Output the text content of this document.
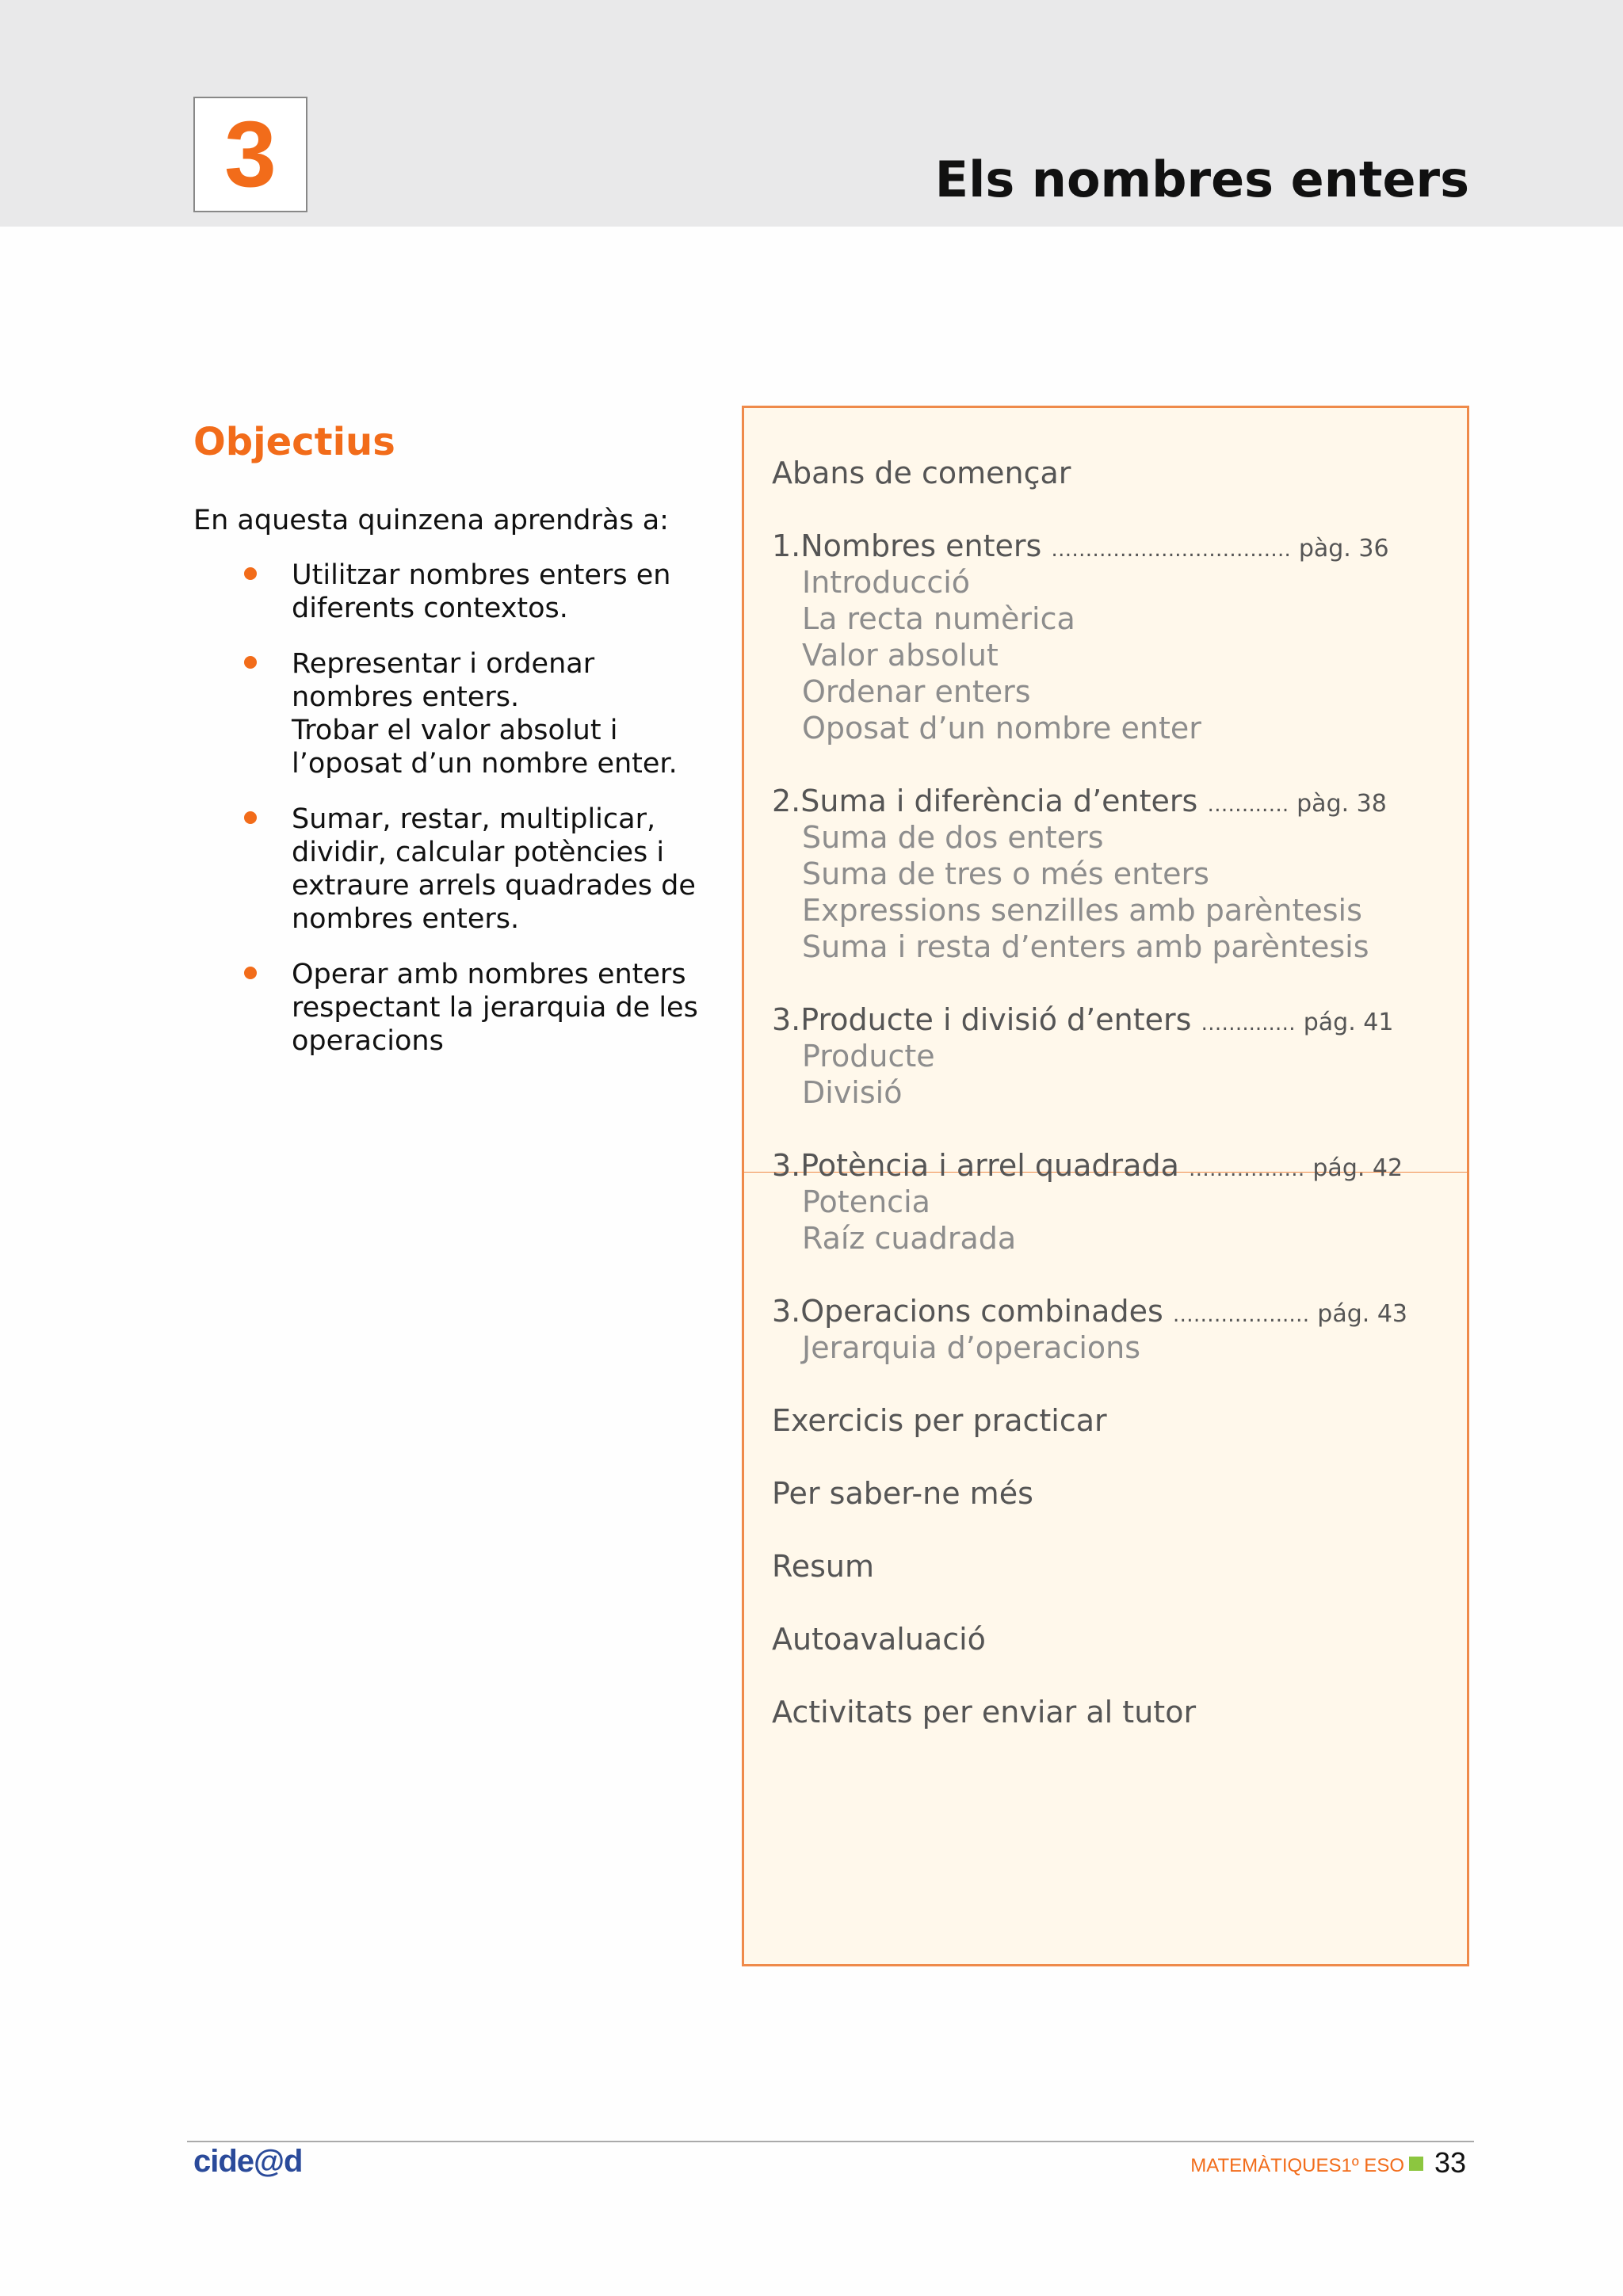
3	Els nombres enters
Objectius

En aquesta quinzena aprendràs a:

Utilitzar nombres enters en
diferents contextos.
Representar i ordenar
nombres enters.
Trobar el valor absolut i
l’oposat d’un nombre enter.
Sumar, restar, multiplicar,
dividir, calcular potències i
extraure arrels quadrades de
nombres enters.
Operar amb nombres enters
respectant la jerarquia de les
operacions
Abans de començar
1.Nombres enters ……………….……………. pàg. 36
Introducció
La recta numèrica
Valor absolut
Ordenar enters
Oposat d’un nombre enter
2.Suma i diferència d’enters ……..…. pàg. 38
Suma de dos enters
Suma de tres o més enters
Expressions senzilles amb parèntesis
Suma i resta d’enters amb parèntesis
3.Producte i divisió d’enters …….....… pág. 41
Producte
Divisió
3.Potència i arrel quadrada …………..… pág. 42
Potencia
Raíz cuadrada
3.Operacions combinades ……………..… pág. 43
Jerarquia d’operacions
Exercicis per practicar
Per saber-ne més
Resum
Autoavaluació
Activitats per enviar al tutor
cide@d	MATEMÀTIQUES1º ESO 33
